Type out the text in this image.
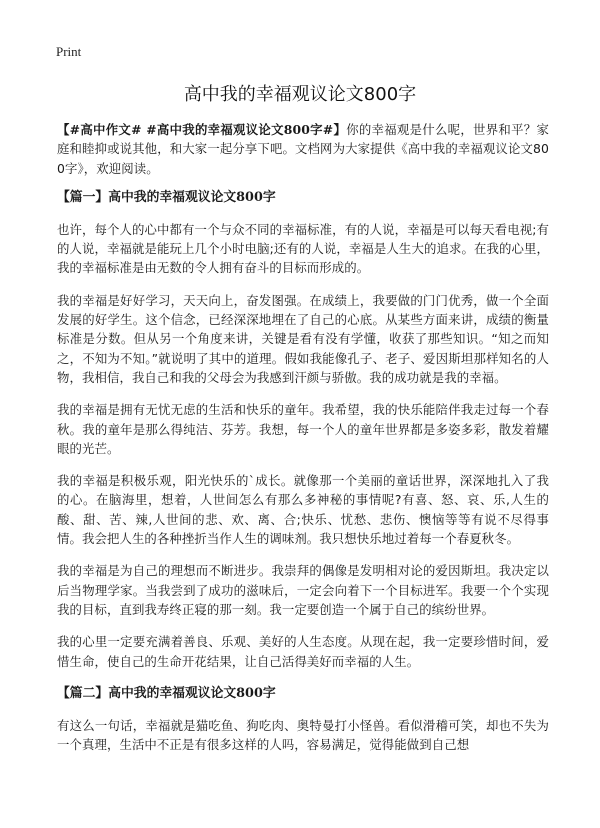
Print
高中我的幸福观议论文800字

【#高中作文# #高中我的幸福观议论文800字#】你的幸福观是什么呢，世界和平？家庭和睦抑或说其他，和大家一起分享下吧。文档网为大家提供《高中我的幸福观议论文800字》，欢迎阅读。

【篇一】高中我的幸福观议论文800字

也许，每个人的心中都有一个与众不同的幸福标准，有的人说，幸福是可以每天看电视;有的人说，幸福就是能玩上几个小时电脑;还有的人说，幸福是人生大的追求。在我的心里，我的幸福标准是由无数的令人拥有奋斗的目标而形成的。

我的幸福是好好学习，天天向上，奋发图强。在成绩上，我要做的门门优秀，做一个全面发展的好学生。这个信念，已经深深地埋在了自己的心底。从某些方面来讲，成绩的衡量标准是分数。但从另一个角度来讲，关键是看有没有学懂，收获了那些知识。“知之而知之，不知为不知。”就说明了其中的道理。假如我能像孔子、老子、爱因斯坦那样知名的人物，我相信，我自己和我的父母会为我感到汗颜与骄傲。我的成功就是我的幸福。

我的幸福是拥有无忧无虑的生活和快乐的童年。我希望，我的快乐能陪伴我走过每一个春秋。我的童年是那么得纯洁、芬芳。我想，每一个人的童年世界都是多姿多彩，散发着耀眼的光芒。

我的幸福是积极乐观，阳光快乐的`成长。就像那一个美丽的童话世界，深深地扎入了我的心。在脑海里，想着，人世间怎么有那么多神秘的事情呢?有喜、怒、哀、乐,人生的酸、甜、苦、辣,人世间的悲、欢、离、合;快乐、忧愁、悲伤、懊恼等等有说不尽得事情。我会把人生的各种挫折当作人生的调味剂。我只想快乐地过着每一个春夏秋冬。

我的幸福是为自己的理想而不断进步。我崇拜的偶像是发明相对论的爱因斯坦。我决定以后当物理学家。当我尝到了成功的滋味后，一定会向着下一个目标进军。我要一个个实现我的目标，直到我寿终正寝的那一刻。我一定要创造一个属于自己的缤纷世界。

我的心里一定要充满着善良、乐观、美好的人生态度。从现在起，我一定要珍惜时间，爱惜生命，使自己的生命开花结果，让自己活得美好而幸福的人生。

【篇二】高中我的幸福观议论文800字

有这么一句话，幸福就是猫吃鱼、狗吃肉、奥特曼打小怪兽。看似滑稽可笑，却也不失为一个真理，生活中不正是有很多这样的人吗，容易满足，觉得能做到自己想
